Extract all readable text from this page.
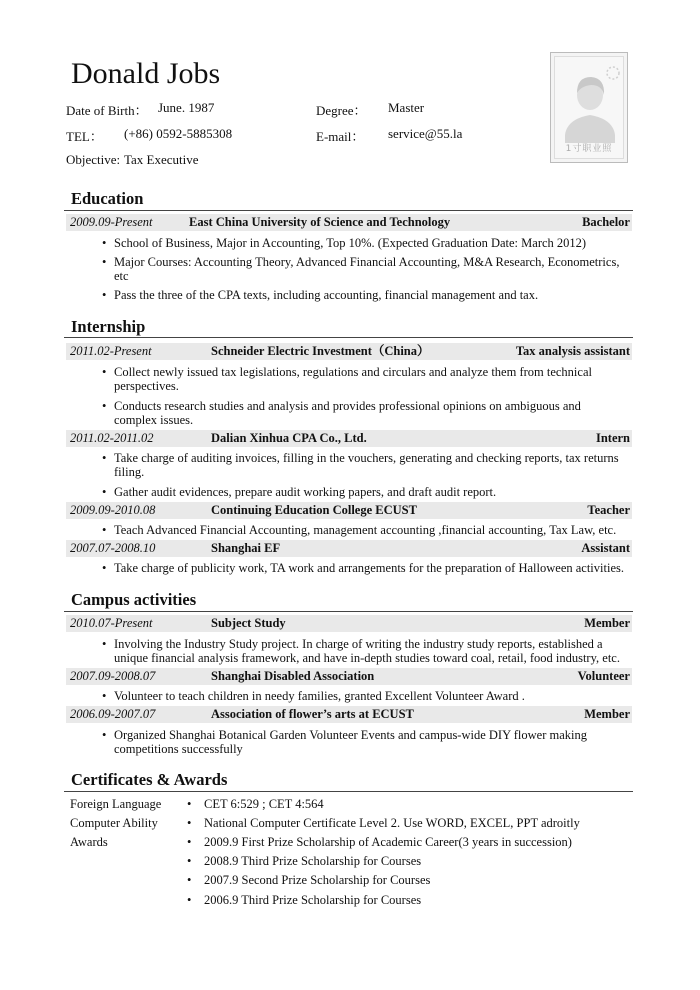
Donald Jobs
Date of Birth： June. 1987	Degree： Master
TEL： (+86) 0592-5885308	E-mail： service@55.la
Objective: Tax Executive
1寸职业照
Education
2009.09-Present	East China University of Science and Technology	Bachelor
• School of Business, Major in Accounting, Top 10%. (Expected Graduation Date: March 2012)
• Major Courses: Accounting Theory, Advanced Financial Accounting, M&A Research, Econometrics, etc
• Pass the three of the CPA texts, including accounting, financial management and tax.
Internship
2011.02-Present	Schneider Electric Investment（China）	Tax analysis assistant
• Collect newly issued tax legislations, regulations and circulars and analyze them from technical perspectives.
• Conducts research studies and analysis and provides professional opinions on ambiguous and complex issues.
2011.02-2011.02	Dalian Xinhua CPA Co., Ltd.	Intern
• Take charge of auditing invoices, filling in the vouchers, generating and checking reports, tax returns filing.
• Gather audit evidences, prepare audit working papers, and draft audit report.
2009.09-2010.08	Continuing Education College ECUST	Teacher
• Teach Advanced Financial Accounting, management accounting ,financial accounting, Tax Law, etc.
2007.07-2008.10	Shanghai EF	Assistant
• Take charge of publicity work, TA work and arrangements for the preparation of Halloween activities.
Campus activities
2010.07-Present	Subject Study	Member
• Involving the Industry Study project. In charge of writing the industry study reports, established a unique financial analysis framework, and have in-depth studies toward coal, retail, food industry, etc.
2007.09-2008.07	Shanghai Disabled Association	Volunteer
• Volunteer to teach children in needy families, granted Excellent Volunteer Award .
2006.09-2007.07	Association of flower’s arts at ECUST	Member
• Organized Shanghai Botanical Garden Volunteer Events and campus-wide DIY flower making competitions successfully
Certificates & Awards
Foreign Language • CET 6:529 ; CET 4:564
Computer Ability • National Computer Certificate Level 2. Use WORD, EXCEL, PPT adroitly
Awards	• 2009.9 First Prize Scholarship of Academic Career(3 years in succession)
• 2008.9 Third Prize Scholarship for Courses
• 2007.9 Second Prize Scholarship for Courses
• 2006.9 Third Prize Scholarship for Courses
